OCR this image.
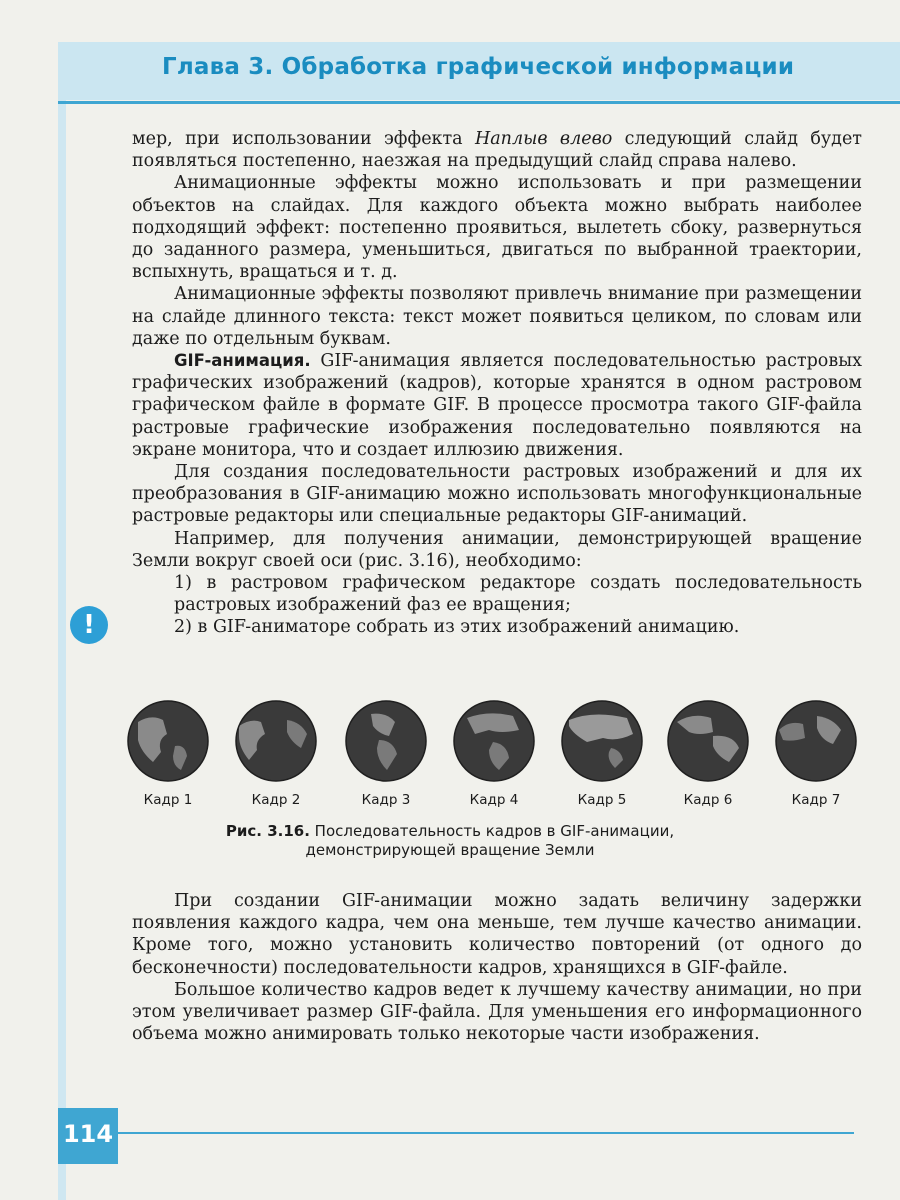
Глава 3. Обработка графической информации

мер, при использовании эффекта Наплыв влево следующий слайд будет появляться постепенно, наезжая на предыдущий слайд справа налево.

Анимационные эффекты можно использовать и при размещении объектов на слайдах. Для каждого объекта можно выбрать наиболее подходящий эффект: постепенно проявиться, вылететь сбоку, развернуться до заданного размера, уменьшиться, двигаться по выбранной траектории, вспыхнуть, вращаться и т. д.

Анимационные эффекты позволяют привлечь внимание при размещении на слайде длинного текста: текст может появиться целиком, по словам или даже по отдельным буквам.

GIF-анимация. GIF-анимация является последовательностью растровых графических изображений (кадров), которые хранятся в одном растровом графическом файле в формате GIF. В процессе просмотра такого GIF-файла растровые графические изображения последовательно появляются на экране монитора, что и создает иллюзию движения.

Для создания последовательности растровых изображений и для их преобразования в GIF-анимацию можно использовать многофункциональные растровые редакторы или специальные редакторы GIF-анимаций.

Например, для получения анимации, демонстрирующей вращение Земли вокруг своей оси (рис. 3.16), необходимо:

1) в растровом графическом редакторе создать последовательность растровых изображений фаз ее вращения;

2) в GIF-аниматоре собрать из этих изображений анимацию.

!
Кадр 1	Кадр 2	Кадр 3	Кадр 4	Кадр 5	Кадр 6	Кадр 7
Рис. 3.16. Последовательность кадров в GIF-анимации,
демонстрирующей вращение Земли

При создании GIF-анимации можно задать величину задержки появления каждого кадра, чем она меньше, тем лучше качество анимации. Кроме того, можно установить количество повторений (от одного до бесконечности) последовательности кадров, хранящихся в GIF-файле.

Большое количество кадров ведет к лучшему качеству анимации, но при этом увеличивает размер GIF-файла. Для уменьшения его информационного объема можно анимировать только некоторые части изображения.

114
